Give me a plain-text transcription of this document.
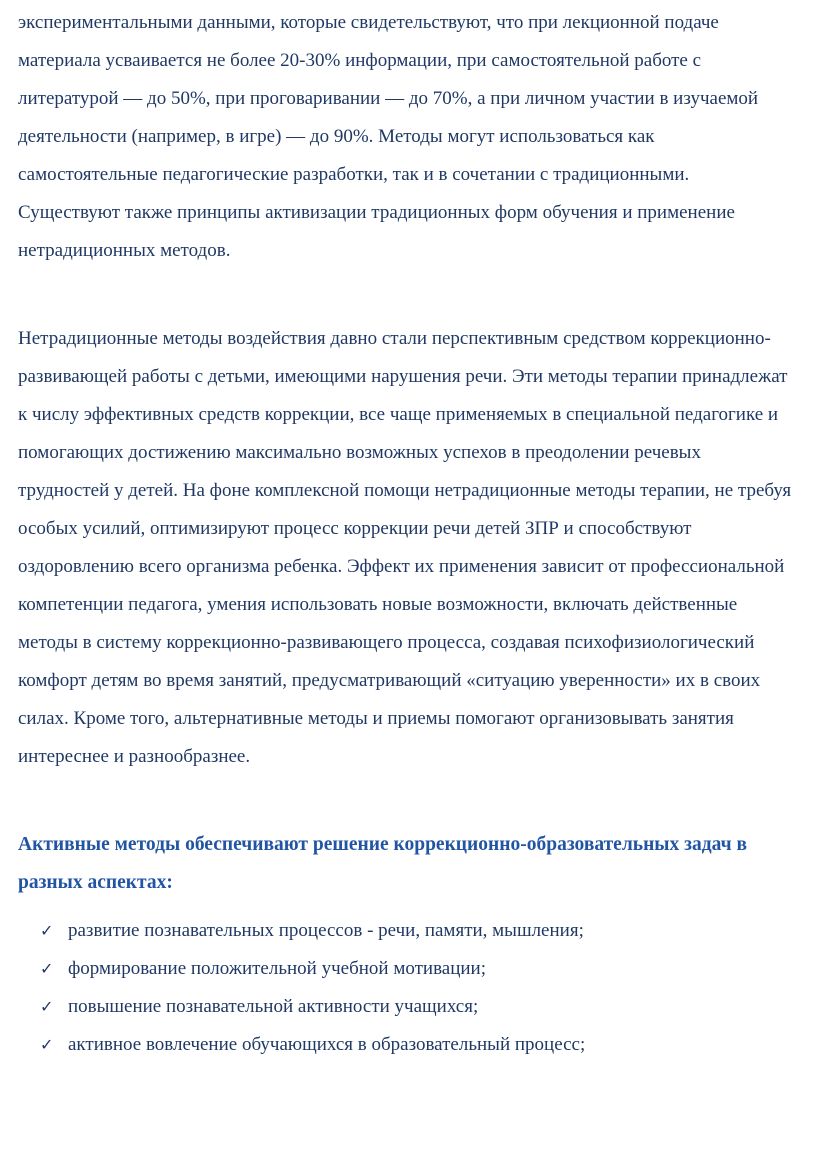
экспериментальными данными, которые свидетельствуют, что при лекционной подаче материала усваивается не более 20-30% информации, при самостоятельной работе с литературой — до 50%, при проговаривании — до 70%, а при личном участии в изучаемой деятельности (например, в игре) — до 90%. Методы могут использоваться как самостоятельные педагогические разработки, так и в сочетании с традиционными. Существуют также принципы активизации традиционных форм обучения и применение нетрадиционных методов.

Нетрадиционные методы воздействия давно стали перспективным средством коррекционно-развивающей работы с детьми, имеющими нарушения речи. Эти методы терапии принадлежат к числу эффективных средств коррекции, все чаще применяемых в специальной педагогике и помогающих достижению максимально возможных успехов в преодолении речевых трудностей у детей. На фоне комплексной помощи нетрадиционные методы терапии, не требуя особых усилий, оптимизируют процесс коррекции речи детей ЗПР и способствуют оздоровлению всего организма ребенка. Эффект их применения зависит от профессиональной компетенции педагога, умения использовать новые возможности, включать действенные методы в систему коррекционно-развивающего процесса, создавая психофизиологический комфорт детям во время занятий, предусматривающий «ситуацию уверенности» их в своих силах. Кроме того, альтернативные методы и приемы помогают организовывать занятия интереснее и разнообразнее.

Активные методы обеспечивают решение коррекционно-образовательных задач в разных аспектах:
✓ развитие познавательных процессов - речи, памяти, мышления;
✓ формирование положительной учебной мотивации;
✓ повышение познавательной активности учащихся;
✓ активное вовлечение обучающихся в образовательный процесс;
